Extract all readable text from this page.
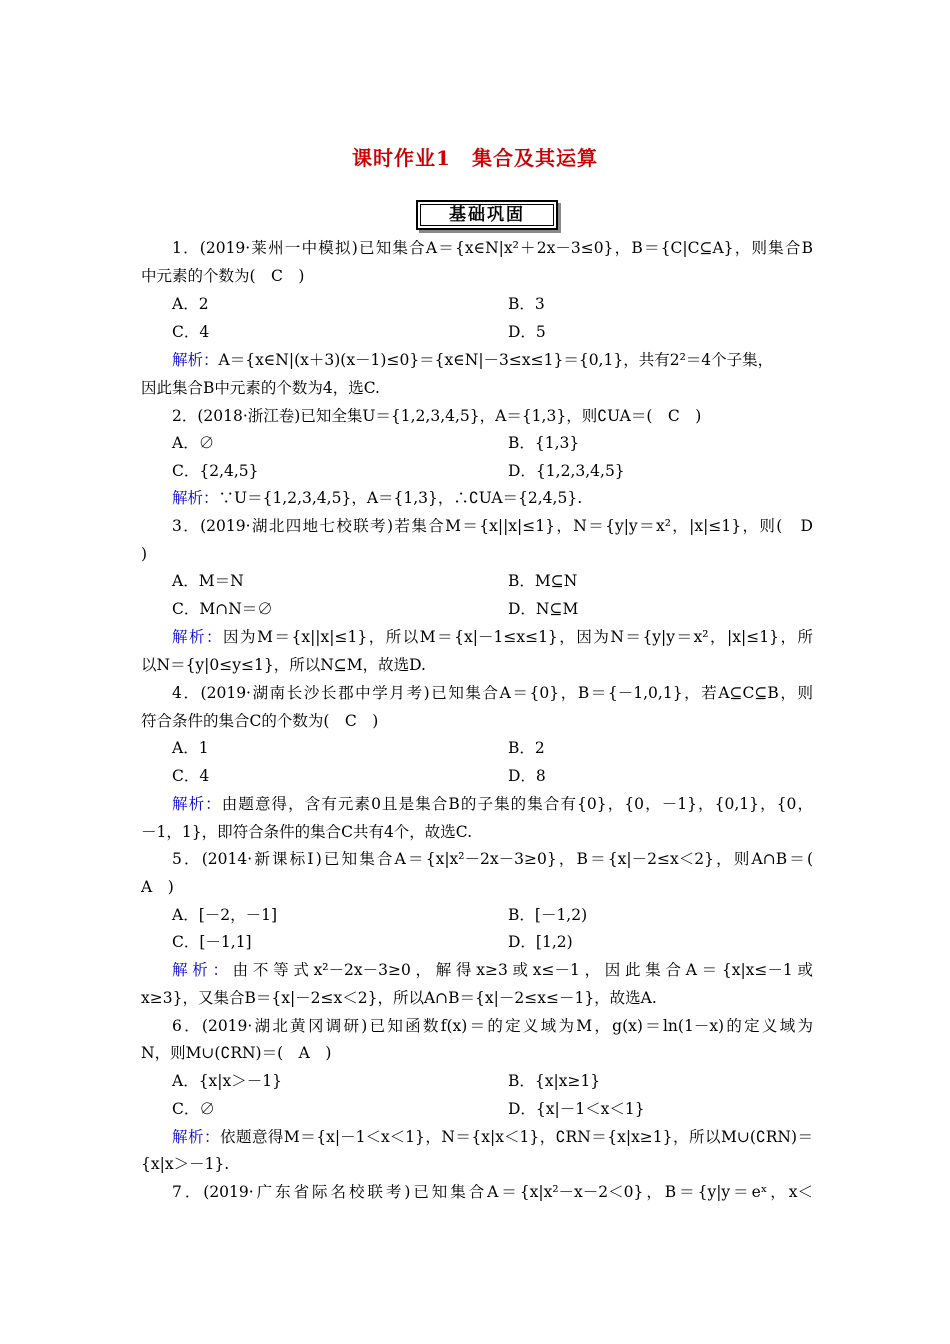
课时作业1　集合及其运算
基础巩固
1．(2019·莱州一中模拟)已知集合A＝{x∈N|x²＋2x－3≤0}，B＝{C|C⊆A}，则集合B
中元素的个数为(　C　)
A．2	B．3
C．4	D．5
解析：A＝{x∈N|(x＋3)(x－1)≤0}＝{x∈N|－3≤x≤1}＝{0,1}，共有2²＝4个子集，
因此集合B中元素的个数为4，选C.
2．(2018·浙江卷)已知全集U＝{1,2,3,4,5}，A＝{1,3}，则∁UA＝(　C　)
A．∅	B．{1,3}
C．{2,4,5}	D．{1,2,3,4,5}
解析：∵U＝{1,2,3,4,5}，A＝{1,3}，∴∁UA＝{2,4,5}.
3．(2019·湖北四地七校联考)若集合M＝{x||x|≤1}，N＝{y|y＝x²，|x|≤1}，则(　D
)
A．M＝N	B．M⊆N
C．M∩N＝∅	D．N⊆M
解析：因为M＝{x||x|≤1}，所以M＝{x|－1≤x≤1}，因为N＝{y|y＝x²，|x|≤1}，所
以N＝{y|0≤y≤1}，所以N⊆M，故选D.
4．(2019·湖南长沙长郡中学月考)已知集合A＝{0}，B＝{－1,0,1}，若A⊆C⊆B，则
符合条件的集合C的个数为(　C　)
A．1	B．2
C．4	D．8
解析：由题意得，含有元素0且是集合B的子集的集合有{0}，{0，－1}，{0,1}，{0，
－1，1}，即符合条件的集合C共有4个，故选C.
5．(2014·新课标Ⅰ)已知集合A＝{x|x²－2x－3≥0}，B＝{x|－2≤x＜2}，则A∩B＝(
A　)
A．[－2，－1]	B．[－1,2)
C．[－1,1]	D．[1,2)
解析：由不等式x²－2x－3≥0，解得x≥3或x≤－1，因此集合A＝{x|x≤－1或
x≥3}，又集合B＝{x|－2≤x＜2}，所以A∩B＝{x|－2≤x≤－1}，故选A.
6．(2019·湖北黄冈调研)已知函数f(x)＝的定义域为M，g(x)＝ln(1－x)的定义域为
N，则M∪(∁RN)＝(　A　)
A．{x|x＞－1}	B．{x|x≥1}
C．∅	D．{x|－1＜x＜1}
解析：依题意得M＝{x|－1＜x＜1}，N＝{x|x＜1}，∁RN＝{x|x≥1}，所以M∪(∁RN)＝
{x|x＞－1}.
7．(2019·广东省际名校联考)已知集合A＝{x|x²－x－2＜0}，B＝{y|y＝eˣ，x＜
